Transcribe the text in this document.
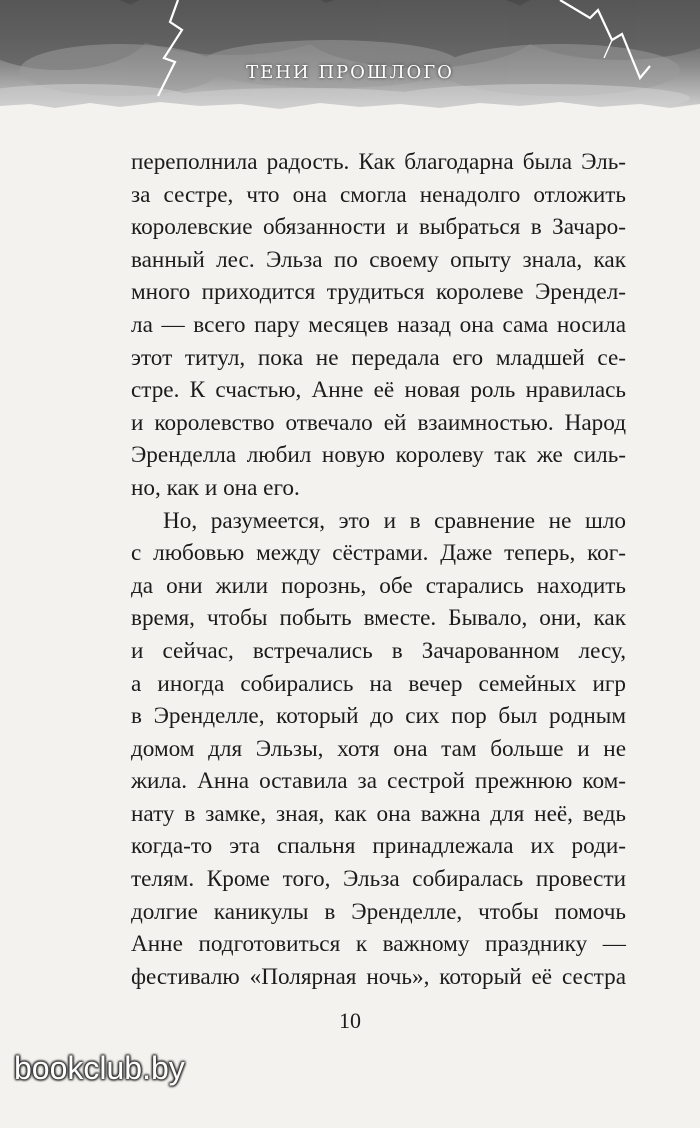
ТЕНИ ПРОШЛОГО
переполнила радость. Как благодарна была Эль-
за сестре, что она смогла ненадолго отложить
королевские обязанности и выбраться в Зачаро-
ванный лес. Эльза по своему опыту знала, как
много приходится трудиться королеве Эрендел-
ла — всего пару месяцев назад она сама носила
этот титул, пока не передала его младшей се-
стре. К счастью, Анне её новая роль нравилась
и королевство отвечало ей взаимностью. Народ
Эренделла любил новую королеву так же силь-
но, как и она его.
Но, разумеется, это и в сравнение не шло
с любовью между сёстрами. Даже теперь, ког-
да они жили порознь, обе старались находить
время, чтобы побыть вместе. Бывало, они, как
и сейчас, встречались в Зачарованном лесу,
а иногда собирались на вечер семейных игр
в Эренделле, который до сих пор был родным
домом для Эльзы, хотя она там больше и не
жила. Анна оставила за сестрой прежнюю ком-
нату в замке, зная, как она важна для неё, ведь
когда-то эта спальня принадлежала их роди-
телям. Кроме того, Эльза собиралась провести
долгие каникулы в Эренделле, чтобы помочь
Анне подготовиться к важному празднику —
фестивалю «Полярная ночь», который её сестра
10
bookclub.by
